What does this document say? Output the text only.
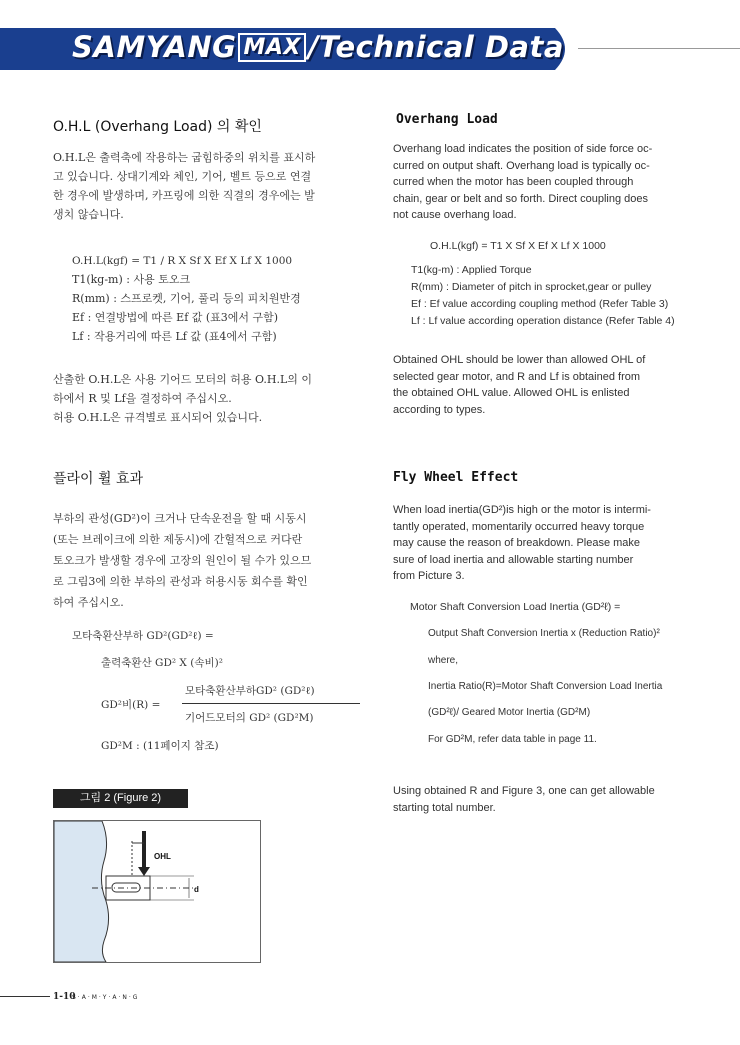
SAMYANG MAX /Technical Data
O.H.L (Overhang Load) 의 확인
O.H.L은 출력축에 작용하는 굽힘하중의 위치를 표시하
고 있습니다. 상대기계와 체인, 기어, 벨트 등으로 연결
한 경우에 발생하며, 카프링에 의한 직결의 경우에는 발
생치 않습니다.
O.H.L(kgf) = T1 / R X Sf X Ef X Lf X 1000
T1(kg-m) : 사용 토오크
R(mm) : 스프로켓, 기어, 풀리 등의 피치원반경
Ef : 연결방법에 따른 Ef 값 (표3에서 구함)
Lf : 작용거리에 따른 Lf 값 (표4에서 구함)
산출한 O.H.L은 사용 기어드 모터의 허용 O.H.L의 이
하에서 R 및 Lf을 결정하여 주십시오.
허용 O.H.L은 규격별로 표시되어 있습니다.
플라이 휠 효과
부하의 관성(GD²)이 크거나 단속운전을 할 때 시동시
(또는 브레이크에 의한 제동시)에 간헐적으로 커다란
토오크가 발생할 경우에 고장의 원인이 될 수가 있으므
로 그림3에 의한 부하의 관성과 허용시동 회수를 확인
하여 주십시오.
모타축환산부하 GD²(GD²ℓ) =
출력축환산 GD² X (속비)²
GD²비(R) =
모타축환산부하GD² (GD²ℓ)
기어드모터의 GD² (GD²M)
GD²M : (11페이지 참조)
그림 2 (Figure 2)
OHL
d
Overhang Load
Overhang load indicates the position of side force oc-
curred on output shaft. Overhang load is typically oc-
curred when the motor has been coupled through
chain, gear or belt and so forth. Direct coupling does
not cause overhang load.
O.H.L(kgf) = T1 X Sf X Ef X Lf X 1000
T1(kg-m) : Applied Torque
R(mm) : Diameter of pitch in sprocket,gear or pulley
Ef : Ef value according coupling method (Refer Table 3)
Lf : Lf value according operation distance (Refer Table 4)
Obtained OHL should be lower than allowed OHL of
selected gear motor, and R and Lf is obtained from
the obtained OHL value. Allowed OHL is enlisted
according to types.
Fly Wheel Effect
When load inertia(GD²)is high or the motor is intermi-
tantly operated, momentarily occurred heavy torque
may cause the reason of breakdown. Please make
sure of load inertia and allowable starting number
from Picture 3.
Motor Shaft Conversion Load Inertia (GD²ℓ) =
Output Shaft Conversion Inertia x (Reduction Ratio)²
where,
Inertia Ratio(R)=Motor Shaft Conversion Load Inertia
(GD²ℓ)/ Geared Motor Inertia (GD²M)
For GD²M, refer data table in page 11.
Using obtained R and Figure 3, one can get allowable
starting total number.
1-10
S·A·M·Y·A·N·G
